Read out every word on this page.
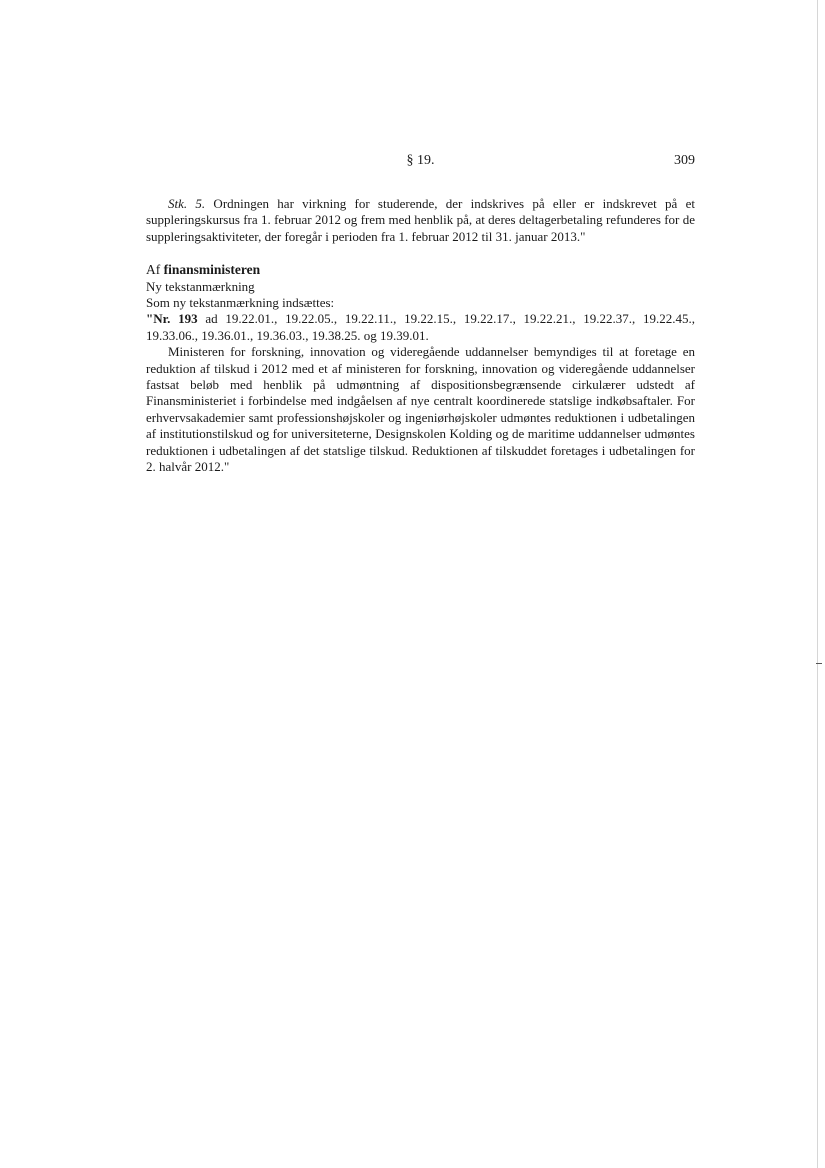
§ 19.	309

Stk. 5. Ordningen har virkning for studerende, der indskrives på eller er indskrevet på et suppleringskursus fra 1. februar 2012 og frem med henblik på, at deres deltagerbetaling refunderes for de suppleringsaktiviteter, der foregår i perioden fra 1. februar 2012 til 31. januar 2013."

Af finansministeren

Ny tekstanmærkning

Som ny tekstanmærkning indsættes:

"Nr. 193 ad 19.22.01., 19.22.05., 19.22.11., 19.22.15., 19.22.17., 19.22.21., 19.22.37., 19.22.45., 19.33.06., 19.36.01., 19.36.03., 19.38.25. og 19.39.01.

Ministeren for forskning, innovation og videregående uddannelser bemyndiges til at foretage en reduktion af tilskud i 2012 med et af ministeren for forskning, innovation og videregående uddannelser fastsat beløb med henblik på udmøntning af dispositionsbegrænsende cirkulærer udstedt af Finansministeriet i forbindelse med indgåelsen af nye centralt koordinerede statslige indkøbsaftaler. For erhvervsakademier samt professionshøjskoler og ingeniørhøjskoler udmøntes reduktionen i udbetalingen af institutionstilskud og for universiteterne, Designskolen Kolding og de maritime uddannelser udmøntes reduktionen i udbetalingen af det statslige tilskud. Reduktionen af tilskuddet foretages i udbetalingen for 2. halvår 2012."
